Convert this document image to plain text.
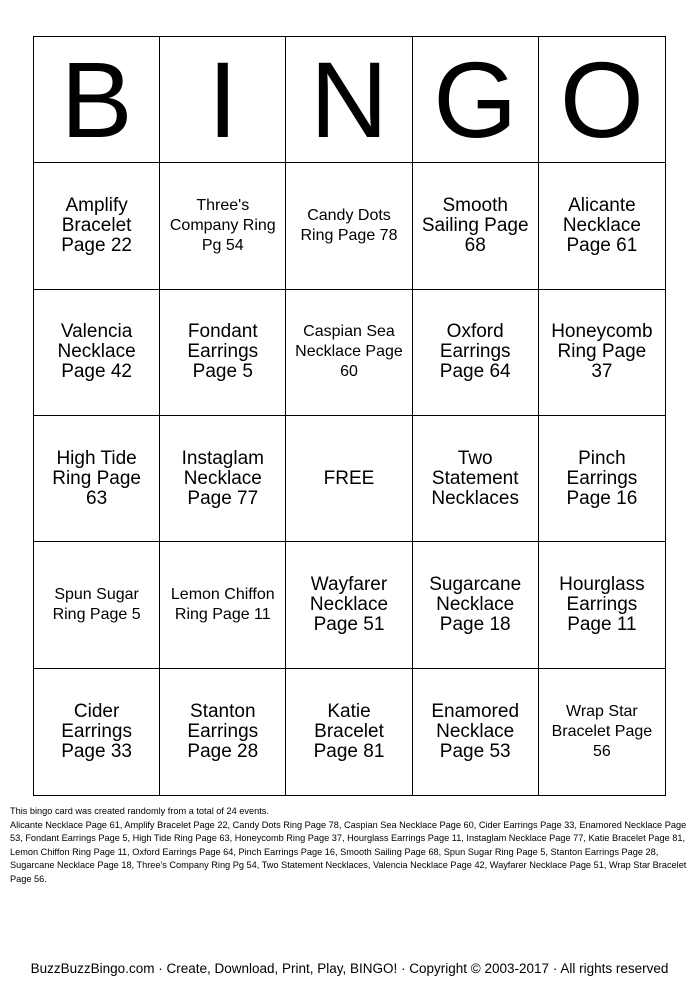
B I N G O
Amplify Bracelet Page 22
Three's Company Ring Pg 54
Candy Dots Ring Page 78
Smooth Sailing Page 68
Alicante Necklace Page 61
Valencia Necklace Page 42
Fondant Earrings Page 5
Caspian Sea Necklace Page 60
Oxford Earrings Page 64
Honeycomb Ring Page 37
High Tide Ring Page 63
Instaglam Necklace Page 77
FREE
Two Statement Necklaces
Pinch Earrings Page 16
Spun Sugar Ring Page 5
Lemon Chiffon Ring Page 11
Wayfarer Necklace Page 51
Sugarcane Necklace Page 18
Hourglass Earrings Page 11
Cider Earrings Page 33
Stanton Earrings Page 28
Katie Bracelet Page 81
Enamored Necklace Page 53
Wrap Star Bracelet Page 56

This bingo card was created randomly from a total of 24 events.

Alicante Necklace Page 61, Amplify Bracelet Page 22, Candy Dots Ring Page 78, Caspian Sea Necklace Page 60, Cider Earrings Page 33, Enamored Necklace Page 53, Fondant Earrings Page 5, High Tide Ring Page 63, Honeycomb Ring Page 37, Hourglass Earrings Page 11, Instaglam Necklace Page 77, Katie Bracelet Page 81, Lemon Chiffon Ring Page 11, Oxford Earrings Page 64, Pinch Earrings Page 16, Smooth Sailing Page 68, Spun Sugar Ring Page 5, Stanton Earrings Page 28, Sugarcane Necklace Page 18, Three's Company Ring Pg 54, Two Statement Necklaces, Valencia Necklace Page 42, Wayfarer Necklace Page 51, Wrap Star Bracelet Page 56.

BuzzBuzzBingo.com · Create, Download, Print, Play, BINGO! · Copyright © 2003-2017 · All rights reserved
